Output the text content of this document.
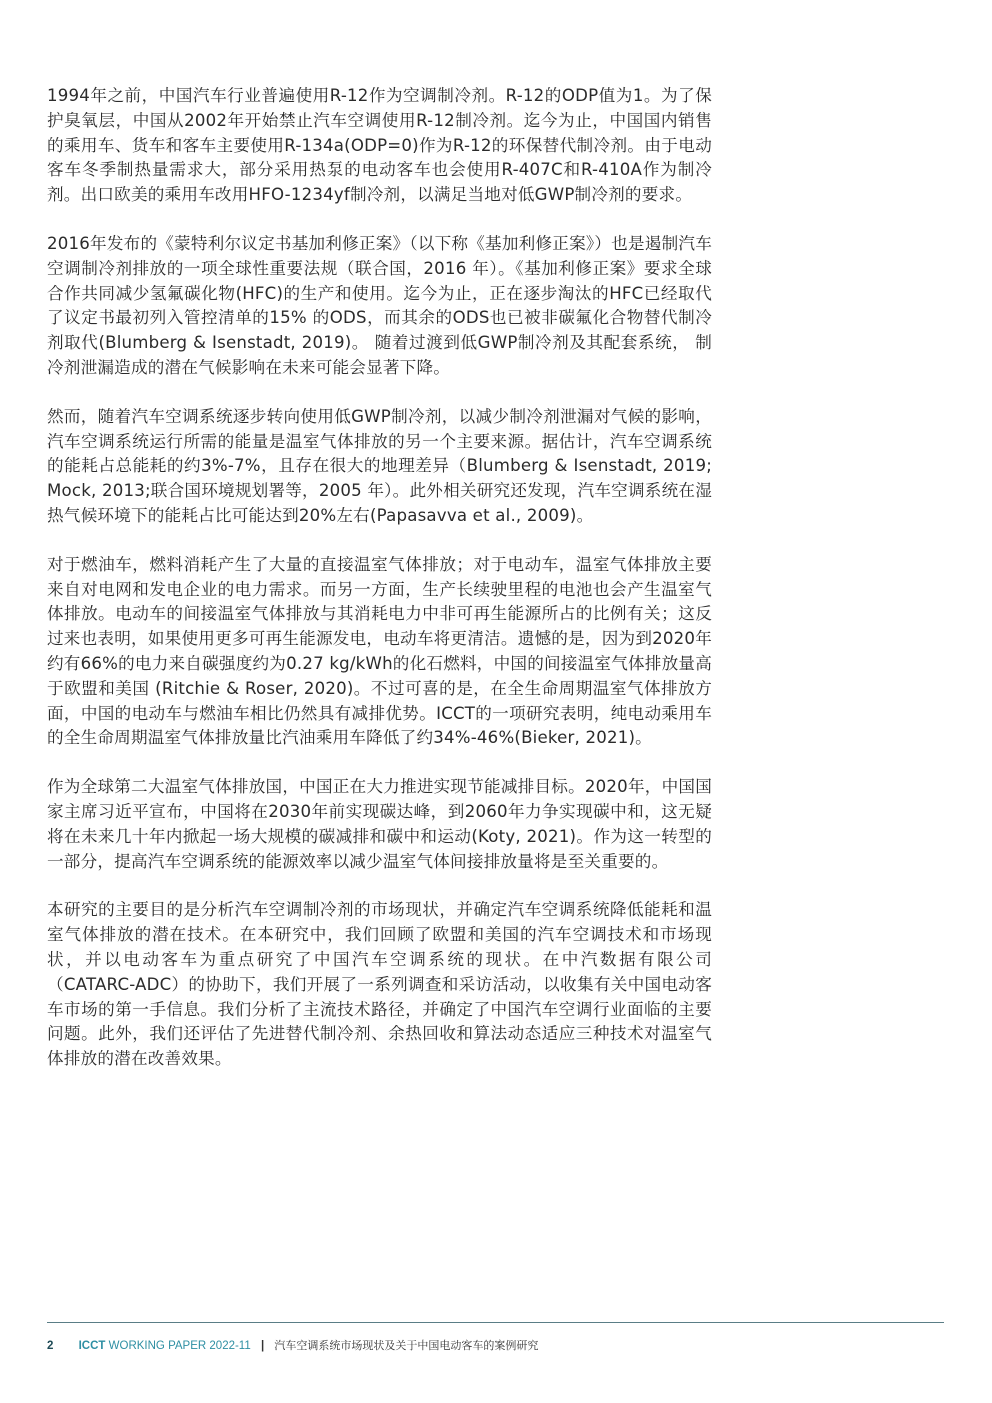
1994年之前，中国汽车行业普遍使用R-12作为空调制冷剂。R-12的ODP值为1。为了保护臭氧层，中国从2002年开始禁止汽车空调使用R-12制冷剂。迄今为止，中国国内销售的乘用车、货车和客车主要使用R-134a(ODP=0)作为R-12的环保替代制冷剂。由于电动客车冬季制热量需求大，部分采用热泵的电动客车也会使用R-407C和R-410A作为制冷剂。出口欧美的乘用车改用HFO-1234yf制冷剂，以满足当地对低GWP制冷剂的要求。

2016年发布的《蒙特利尔议定书基加利修正案》（以下称《基加利修正案》）也是遏制汽车空调制冷剂排放的一项全球性重要法规（联合国，2016 年）。《基加利修正案》要求全球合作共同减少氢氟碳化物(HFC)的生产和使用。迄今为止，正在逐步淘汰的HFC已经取代了议定书最初列入管控清单的15% 的ODS，而其余的ODS也已被非碳氟化合物替代制冷剂取代(Blumberg & Isenstadt, 2019)。 随着过渡到低GWP制冷剂及其配套系统， 制冷剂泄漏造成的潜在气候影响在未来可能会显著下降。

然而，随着汽车空调系统逐步转向使用低GWP制冷剂，以减少制冷剂泄漏对气候的影响，汽车空调系统运行所需的能量是温室气体排放的另一个主要来源。据估计，汽车空调系统的能耗占总能耗的约3%-7%，且存在很大的地理差异（Blumberg & Isenstadt, 2019; Mock, 2013;联合国环境规划署等，2005 年）。此外相关研究还发现，汽车空调系统在湿热气候环境下的能耗占比可能达到20%左右(Papasavva et al., 2009)。

对于燃油车，燃料消耗产生了大量的直接温室气体排放；对于电动车，温室气体排放主要来自对电网和发电企业的电力需求。而另一方面，生产长续驶里程的电池也会产生温室气体排放。电动车的间接温室气体排放与其消耗电力中非可再生能源所占的比例有关；这反过来也表明，如果使用更多可再生能源发电，电动车将更清洁。遗憾的是，因为到2020年约有66%的电力来自碳强度约为0.27 kg/kWh的化石燃料，中国的间接温室气体排放量高于欧盟和美国 (Ritchie & Roser, 2020)。不过可喜的是，在全生命周期温室气体排放方面，中国的电动车与燃油车相比仍然具有减排优势。ICCT的一项研究表明，纯电动乘用车的全生命周期温室气体排放量比汽油乘用车降低了约34%-46%(Bieker, 2021)。

作为全球第二大温室气体排放国，中国正在大力推进实现节能减排目标。2020年，中国国家主席习近平宣布，中国将在2030年前实现碳达峰，到2060年力争实现碳中和，这无疑将在未来几十年内掀起一场大规模的碳减排和碳中和运动(Koty, 2021)。作为这一转型的一部分，提高汽车空调系统的能源效率以减少温室气体间接排放量将是至关重要的。

本研究的主要目的是分析汽车空调制冷剂的市场现状，并确定汽车空调系统降低能耗和温室气体排放的潜在技术。在本研究中，我们回顾了欧盟和美国的汽车空调技术和市场现状，并以电动客车为重点研究了中国汽车空调系统的现状。在中汽数据有限公司（CATARC-ADC）的协助下，我们开展了一系列调查和采访活动，以收集有关中国电动客车市场的第一手信息。我们分析了主流技术路径，并确定了中国汽车空调行业面临的主要问题。此外，我们还评估了先进替代制冷剂、余热回收和算法动态适应三种技术对温室气体排放的潜在改善效果。

2 ICCT WORKING PAPER 2022-11 | 汽车空调系统市场现状及关于中国电动客车的案例研究
